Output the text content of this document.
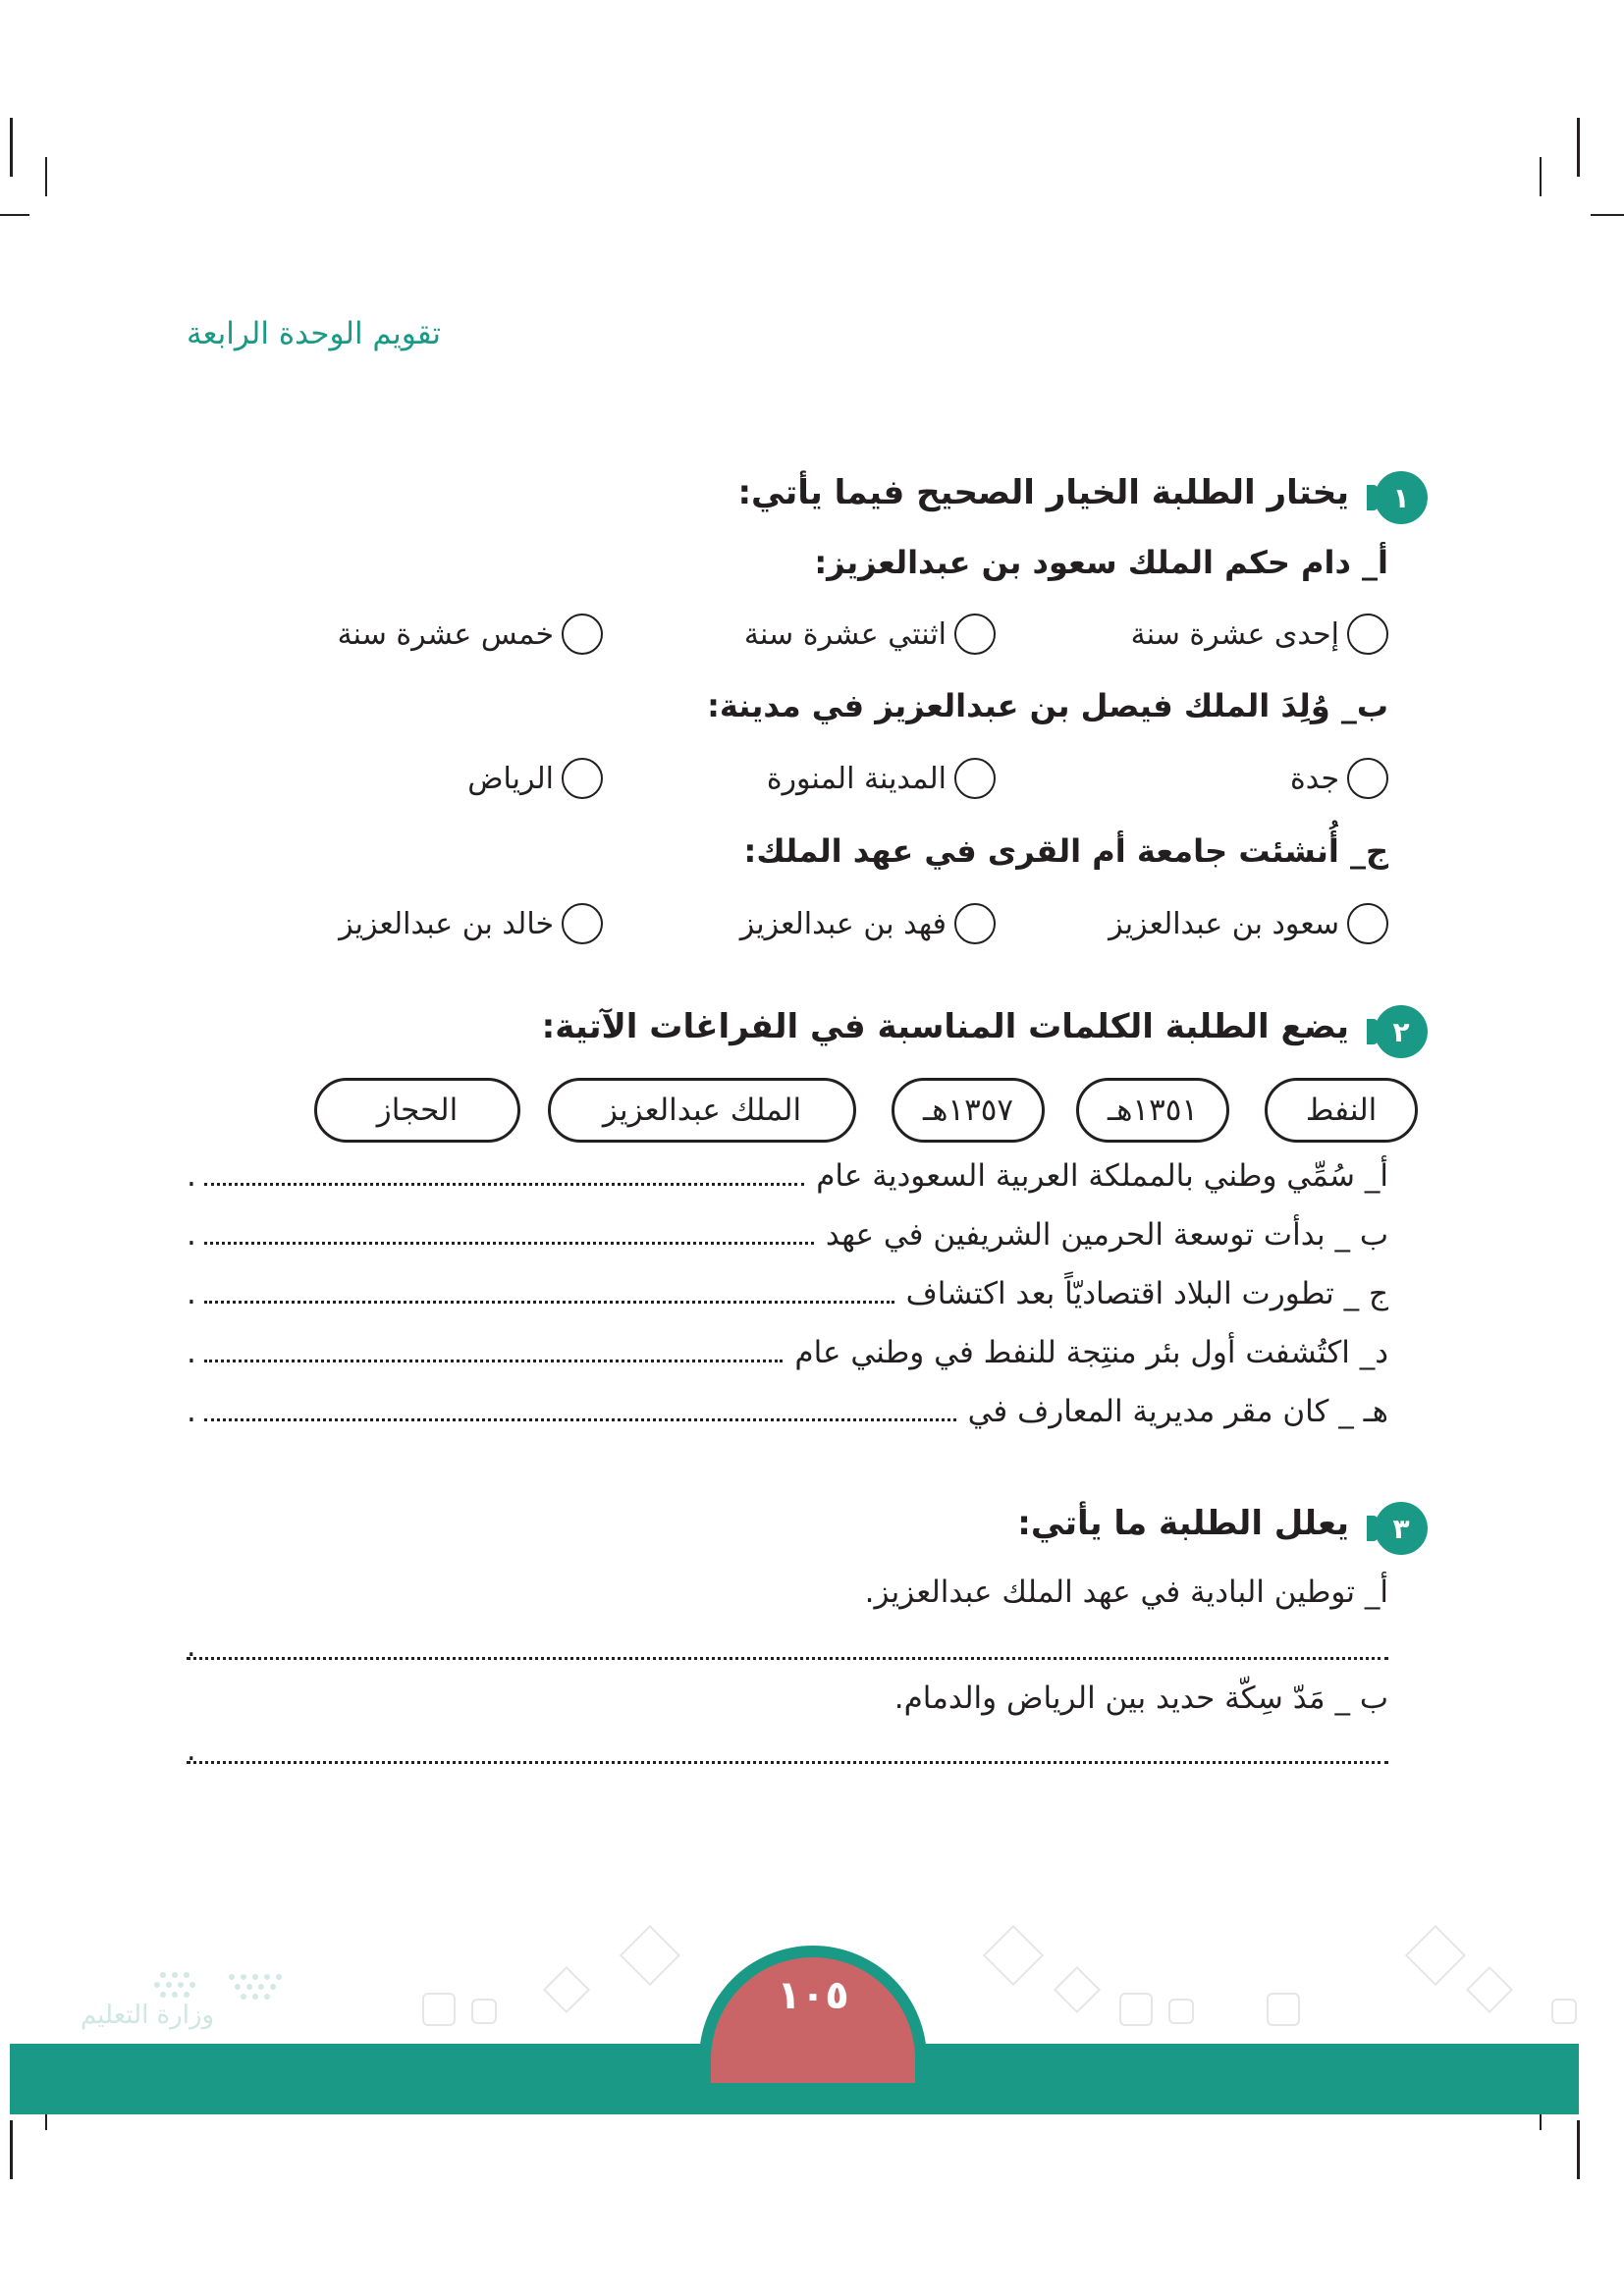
تقويم الوحدة الرابعة
١
يختار الطلبة الخيار الصحيح فيما يأتي:
أ_ دام حكم الملك سعود بن عبدالعزيز:
إحدى عشرة سنة
اثنتي عشرة سنة
خمس عشرة سنة
ب_ وُلِدَ الملك فيصل بن عبدالعزيز في مدينة:
جدة
المدينة المنورة
الرياض
ج_ أُنشئت جامعة أم القرى في عهد الملك:
سعود بن عبدالعزيز
فهد بن عبدالعزيز
خالد بن عبدالعزيز
٢
يضع الطلبة الكلمات المناسبة في الفراغات الآتية:
النفط
١٣٥١هـ
١٣٥٧هـ
الملك عبدالعزيز
الحجاز
أ_ سُمِّي وطني بالمملكة العربية السعودية عام
.
ب _ بدأت توسعة الحرمين الشريفين في عهد
.
ج _ تطورت البلاد اقتصاديّاً بعد اكتشاف
.
د_ اكتُشفت أول بئر منتِجة للنفط في وطني عام
.
هـ _ كان مقر مديرية المعارف في
.
٣
يعلل الطلبة ما يأتي:
أ_ توطين البادية في عهد الملك عبدالعزيز.
.
ب _ مَدّ سِكّة حديد بين الرياض والدمام.
.
وزارة التعليم	١٠٥
